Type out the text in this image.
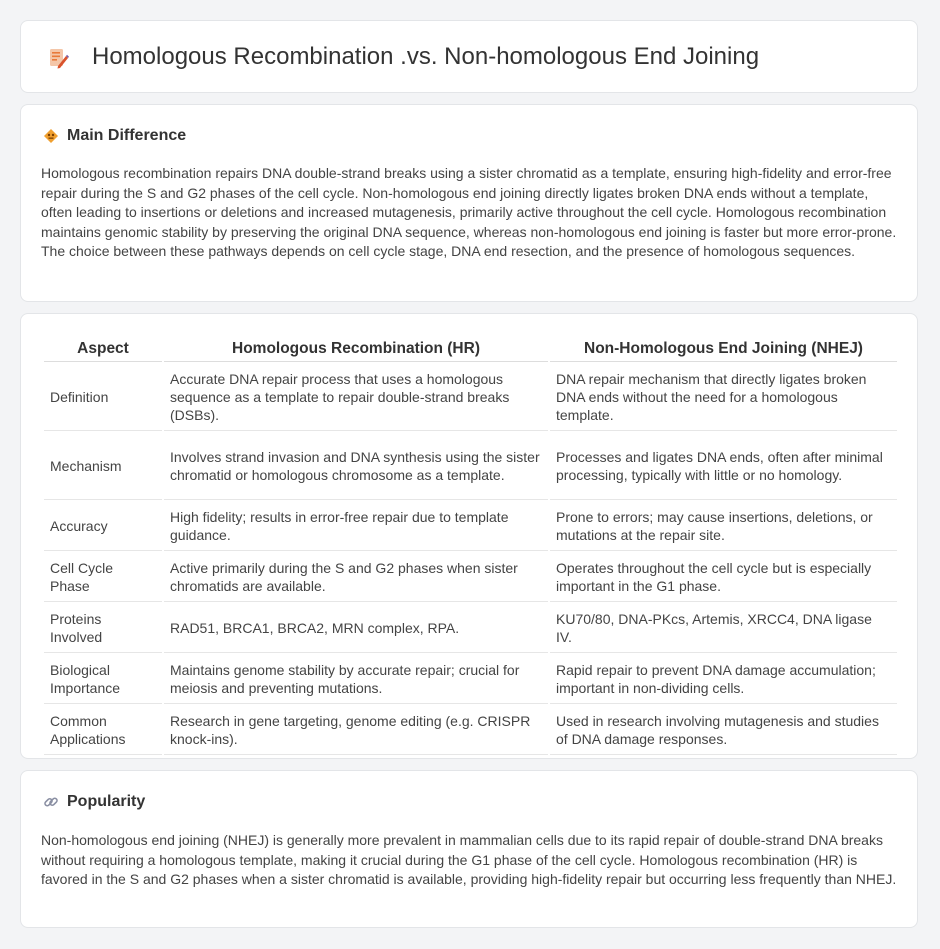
Homologous Recombination .vs. Non-homologous End Joining
Main Difference

Homologous recombination repairs DNA double-strand breaks using a sister chromatid as a template, ensuring high-fidelity and error-free repair during the S and G2 phases of the cell cycle. Non-homologous end joining directly ligates broken DNA ends without a template, often leading to insertions or deletions and increased mutagenesis, primarily active throughout the cell cycle. Homologous recombination maintains genomic stability by preserving the original DNA sequence, whereas non-homologous end joining is faster but more error-prone. The choice between these pathways depends on cell cycle stage, DNA end resection, and the presence of homologous sequences.

Aspect	Homologous Recombination (HR)	Non-Homologous End Joining (NHEJ)
Definition	Accurate DNA repair process that uses a homologous sequence as a template to repair double-strand breaks (DSBs).	DNA repair mechanism that directly ligates broken DNA ends without the need for a homologous template.
Mechanism	Involves strand invasion and DNA synthesis using the sister chromatid or homologous chromosome as a template.	Processes and ligates DNA ends, often after minimal processing, typically with little or no homology.
Accuracy	High fidelity; results in error-free repair due to template guidance.	Prone to errors; may cause insertions, deletions, or mutations at the repair site.
Cell Cycle Phase	Active primarily during the S and G2 phases when sister chromatids are available.	Operates throughout the cell cycle but is especially important in the G1 phase.
Proteins Involved	RAD51, BRCA1, BRCA2, MRN complex, RPA.	KU70/80, DNA-PKcs, Artemis, XRCC4, DNA ligase IV.
Biological Importance	Maintains genome stability by accurate repair; crucial for meiosis and preventing mutations.	Rapid repair to prevent DNA damage accumulation; important in non-dividing cells.
Common Applications	Research in gene targeting, genome editing (e.g. CRISPR knock-ins).	Used in research involving mutagenesis and studies of DNA damage responses.
Popularity

Non-homologous end joining (NHEJ) is generally more prevalent in mammalian cells due to its rapid repair of double-strand DNA breaks without requiring a homologous template, making it crucial during the G1 phase of the cell cycle. Homologous recombination (HR) is favored in the S and G2 phases when a sister chromatid is available, providing high-fidelity repair but occurring less frequently than NHEJ.
